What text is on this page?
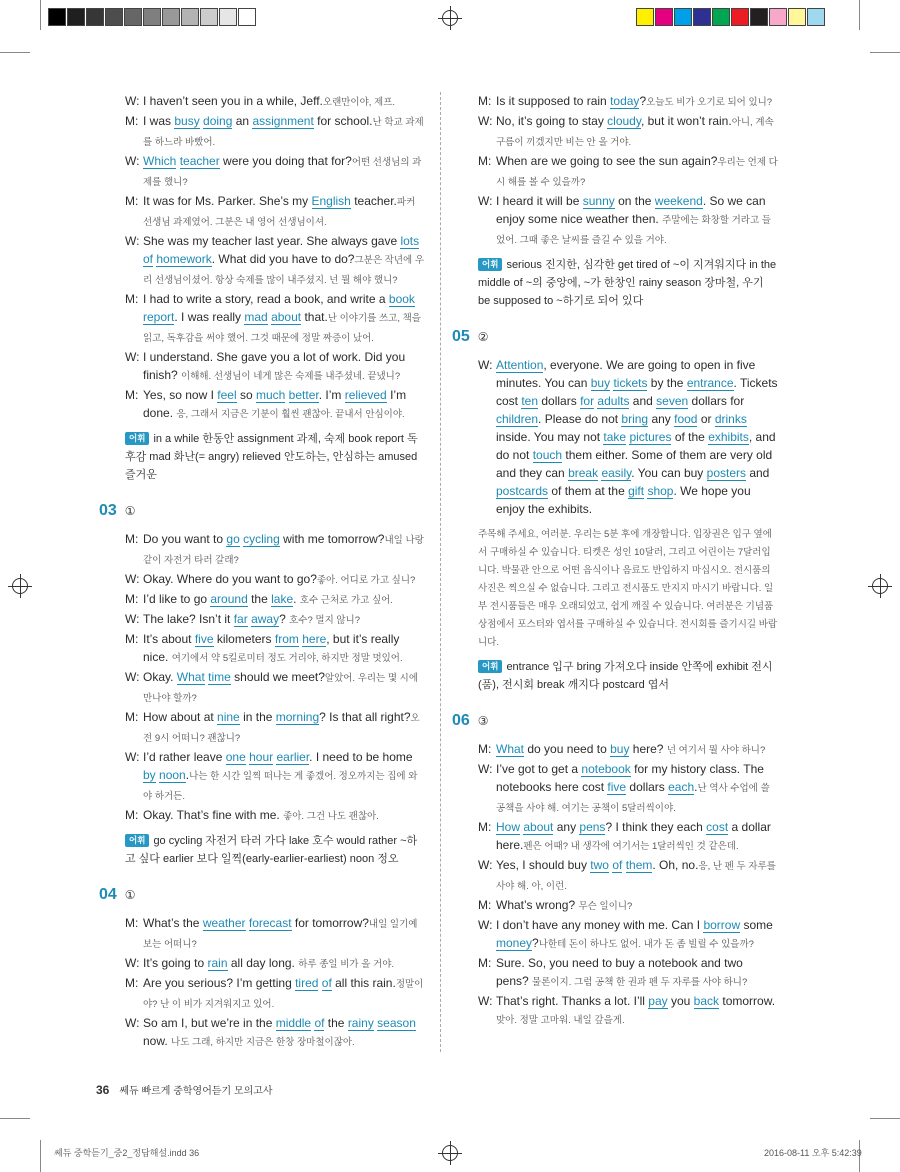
W: I haven’t seen you in a while, Jeff.오랜만이야, 제프.
M: I was busy doing an assignment for school.난 학교 과제를 하느라 바빴어.
W: Which teacher were you doing that for?어떤 선생님의 과제를 했니?
M: It was for Ms. Parker. She’s my English teacher.파커 선생님 과제였어. 그분은 내 영어 선생님이셔.
W: She was my teacher last year. She always gave lots of homework. What did you have to do?그분은 작년에 우리 선생님이셨어. 항상 숙제를 많이 내주셨지. 넌 뭘 해야 했니?
M: I had to write a story, read a book, and write a book report. I was really mad about that.난 이야기를 쓰고, 책을 읽고, 독후감을 써야 했어. 그것 때문에 정말 짜증이 났어.
W: I understand. She gave you a lot of work. Did you finish? 이해해. 선생님이 네게 많은 숙제를 내주셨네. 끝냈니?
M: Yes, so now I feel so much better. I’m relieved I’m done. 응, 그래서 지금은 기분이 훨씬 괜찮아. 끝내서 안심이야.
어휘 in a while 한동안 assignment 과제, 숙제 book report 독후감 mad 화난(= angry) relieved 안도하는, 안심하는 amused 즐거운
03 ①
M: Do you want to go cycling with me tomorrow?내일 나랑 같이 자전거 타러 갈래?
W: Okay. Where do you want to go?좋아. 어디로 가고 싶니?
M: I’d like to go around the lake. 호수 근처로 가고 싶어.
W: The lake? Isn’t it far away? 호수? 멀지 않니?
M: It’s about five kilometers from here, but it’s really nice. 여기에서 약 5킬로미터 정도 거리야, 하지만 정말 멋있어.
W: Okay. What time should we meet?알았어. 우리는 몇 시에 만나야 할까?
M: How about at nine in the morning? Is that all right?오전 9시 어떠니? 괜찮니?
W: I’d rather leave one hour earlier. I need to be home by noon.나는 한 시간 일찍 떠나는 게 좋겠어. 정오까지는 집에 와야 하거든.
M: Okay. That’s fine with me. 좋아. 그건 나도 괜찮아.
어휘 go cycling 자전거 타러 가다 lake 호수 would rather ~하고 싶다 earlier 보다 일찍(early-earlier-earliest) noon 정오
04 ①
M: What’s the weather forecast for tomorrow?내일 일기예보는 어떠니?
W: It’s going to rain all day long. 하루 종일 비가 올 거야.
M: Are you serious? I’m getting tired of all this rain.정말이야? 난 이 비가 지겨워지고 있어.
W: So am I, but we’re in the middle of the rainy season now. 나도 그래, 하지만 지금은 한창 장마철이잖아.
M: Is it supposed to rain today?오늘도 비가 오기로 되어 있니?
W: No, it’s going to stay cloudy, but it won’t rain.아니, 계속 구름이 끼겠지만 비는 안 올 거야.
M: When are we going to see the sun again?우리는 언제 다시 해를 볼 수 있을까?
W: I heard it will be sunny on the weekend. So we can enjoy some nice weather then. 주말에는 화창할 거라고 들었어. 그때 좋은 날씨를 즐길 수 있을 거야.
어휘 serious 진지한, 심각한 get tired of ~이 지겨워지다 in the middle of ~의 중앙에, ~가 한창인 rainy season 장마철, 우기 be supposed to ~하기로 되어 있다
05 ②
W: Attention, everyone. We are going to open in five minutes. You can buy tickets by the entrance. Tickets cost ten dollars for adults and seven dollars for children. Please do not bring any food or drinks inside. You may not take pictures of the exhibits, and do not touch them either. Some of them are very old and they can break easily. You can buy posters and postcards of them at the gift shop. We hope you enjoy the exhibits.
주목해 주세요, 여러분. 우리는 5분 후에 개장합니다. 입장권은 입구 옆에서 구매하실 수 있습니다. 티켓은 성인 10달러, 그리고 어린이는 7달러입니다. 박물관 안으로 어떤 음식이나 음료도 반입하지 마십시오. 전시품의 사진은 찍으실 수 없습니다. 그리고 전시품도 만지지 마시기 바랍니다. 일부 전시품들은 매우 오래되었고, 쉽게 깨질 수 있습니다. 여러분은 기념품 상점에서 포스터와 엽서를 구매하실 수 있습니다. 전시회를 즐기시길 바랍니다.
어휘 entrance 입구 bring 가져오다 inside 안쪽에 exhibit 전시(품), 전시회 break 깨지다 postcard 엽서
06 ③
M: What do you need to buy here? 넌 여기서 뭘 사야 하니?
W: I’ve got to get a notebook for my history class. The notebooks here cost five dollars each.난 역사 수업에 쓸 공책을 사야 해. 여기는 공책이 5달러씩이야.
M: How about any pens? I think they each cost a dollar here.펜은 어때? 내 생각에 여기서는 1달러씩인 것 같은데.
W: Yes, I should buy two of them. Oh, no.응, 난 펜 두 자루를 사야 해. 아, 이런.
M: What’s wrong? 무슨 일이니?
W: I don’t have any money with me. Can I borrow some money?나한테 돈이 하나도 없어. 내가 돈 좀 빌릴 수 있을까?
M: Sure. So, you need to buy a notebook and two pens? 물론이지. 그럼 공책 한 권과 펜 두 자루를 사야 하니?
W: That’s right. Thanks a lot. I’ll pay you back tomorrow. 맞아. 정말 고마워. 내일 갚을게.
36 쎄듀 빠르게 중학영어듣기 모의고사
쎄듀 중학듣기_중2_정답해설.indd 36	2016-08-11 오후 5:42:39
